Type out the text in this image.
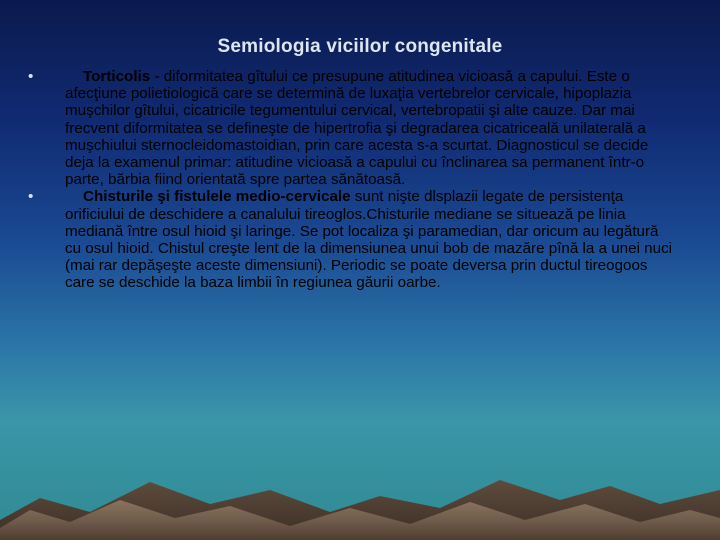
Semiologia viciilor congenitale

•	Torticolis - diformitatea gîtului ce presupune atitudinea vicioasă a capului. Este o afecţiune polietiologică care se determină de luxaţia vertebrelor cervicale, hipoplazia muşchilor gîtului, cicatricile tegumentului cervical, vertebropatii şi alte cauze. Dar mai frecvent diformitatea se defineşte de hipertrofia şi degradarea cicatricealǎ unilaterală a muşchiului sternocleidomastoidian, prin care acesta s-a scurtat. Diagnosticul se decide deja la examenul primar: atitudine vicioasă a capului cu înclinarea sa permanent într-o parte, bărbia fiind orientată spre partea sănătoasă.

•	Chisturile şi fistulele medio-cervicale sunt nişte dlsplazii legate de persistenţa orificiului de deschidere a canalului tireoglos.Chisturile mediane se situează pe linia mediană între osul hioid şi laringe. Se pot localiza şi paramedian, dar oricum au legătură cu osul hioid. Chistul creşte lent de la dimensiunea unui bob de mazăre pînă la a unei nuci (mai rar depăşeşte aceste dimensiuni). Periodic se poate deversa prin ductul tireogoos care se deschide la baza limbii în regiunea găurii oarbe.
